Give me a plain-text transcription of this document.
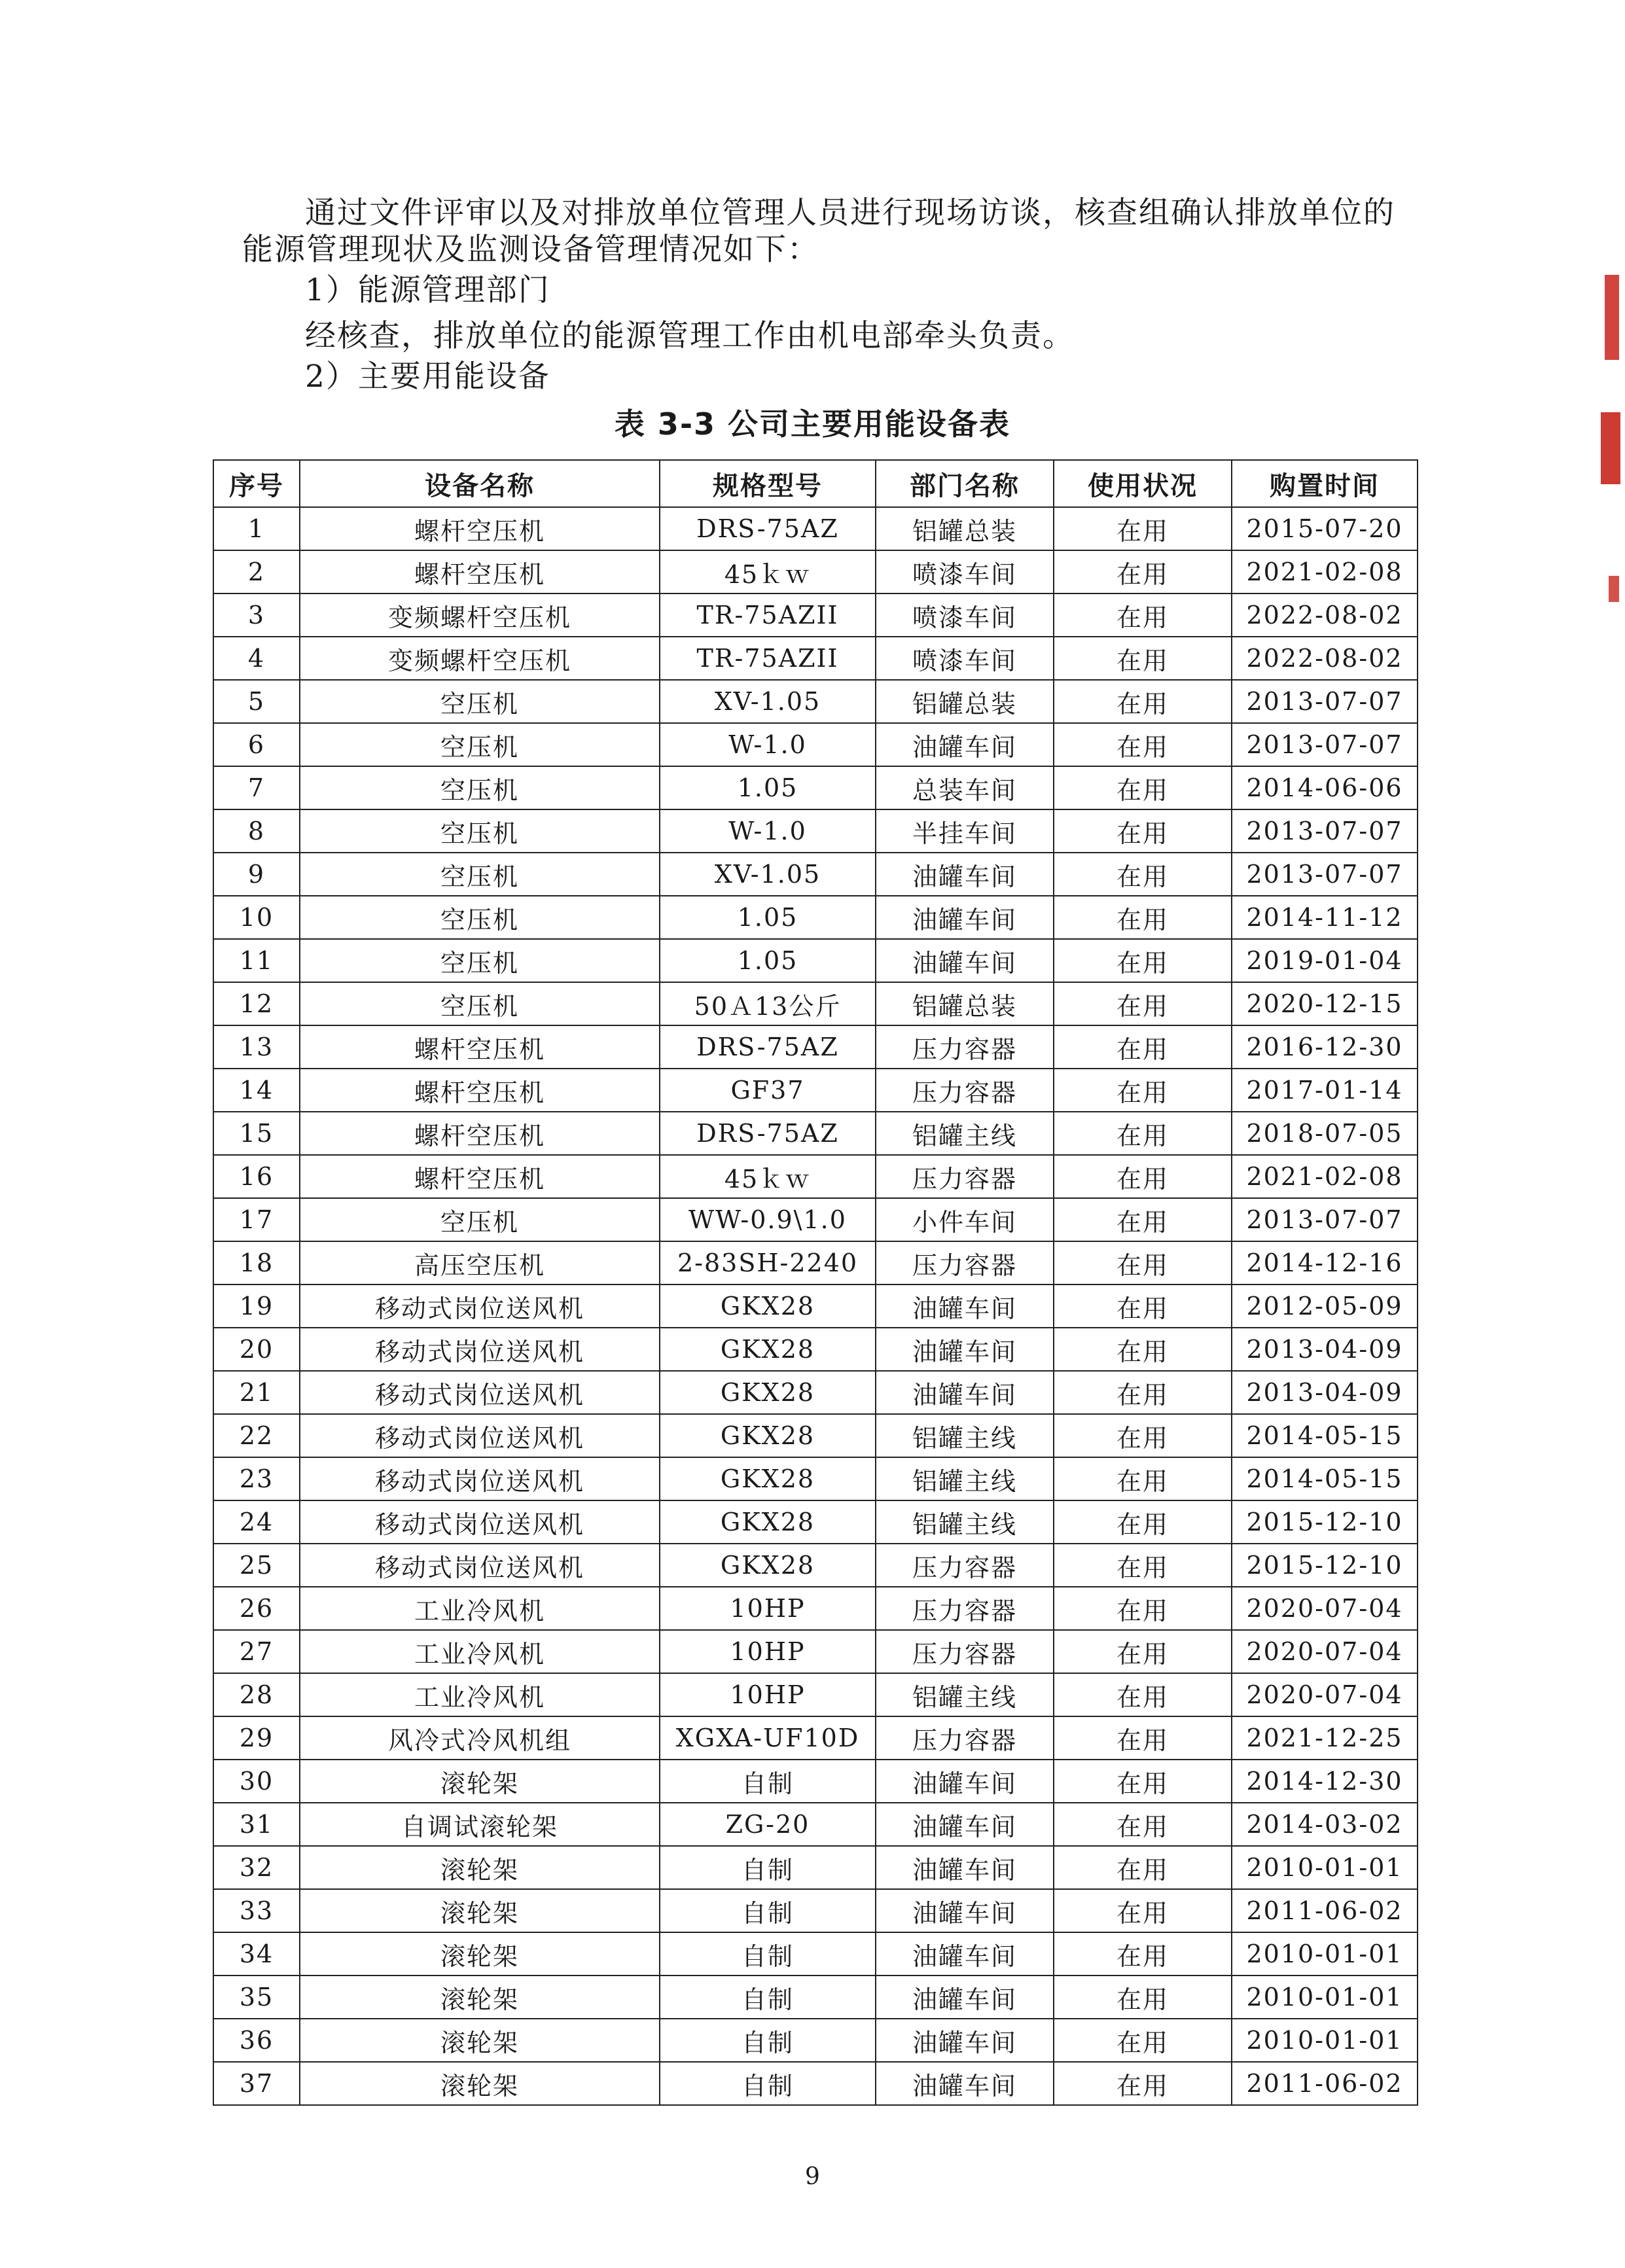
通过文件评审以及对排放单位管理人员进行现场访谈，核查组确认排放单位的
能源管理现状及监测设备管理情况如下：
1）能源管理部门
经核查，排放单位的能源管理工作由机电部牵头负责。
2）主要用能设备
表 3-3 公司主要用能设备表
序号	设备名称	规格型号	部门名称	使用状况	购置时间
1	螺杆空压机	DRS-75AZ	铝罐总装	在用	2015-07-20
2	螺杆空压机	45ｋｗ	喷漆车间	在用	2021-02-08
3	变频螺杆空压机	TR-75AZII	喷漆车间	在用	2022-08-02
4	变频螺杆空压机	TR-75AZII	喷漆车间	在用	2022-08-02
5	空压机	XV-1.05	铝罐总装	在用	2013-07-07
6	空压机	W-1.0	油罐车间	在用	2013-07-07
7	空压机	1.05	总装车间	在用	2014-06-06
8	空压机	W-1.0	半挂车间	在用	2013-07-07
9	空压机	XV-1.05	油罐车间	在用	2013-07-07
10	空压机	1.05	油罐车间	在用	2014-11-12
11	空压机	1.05	油罐车间	在用	2019-01-04
12	空压机	50Ａ13公斤	铝罐总装	在用	2020-12-15
13	螺杆空压机	DRS-75AZ	压力容器	在用	2016-12-30
14	螺杆空压机	GF37	压力容器	在用	2017-01-14
15	螺杆空压机	DRS-75AZ	铝罐主线	在用	2018-07-05
16	螺杆空压机	45ｋｗ	压力容器	在用	2021-02-08
17	空压机	WW-0.9\1.0	小件车间	在用	2013-07-07
18	高压空压机	2-83SH-2240	压力容器	在用	2014-12-16
19	移动式岗位送风机	GKX28	油罐车间	在用	2012-05-09
20	移动式岗位送风机	GKX28	油罐车间	在用	2013-04-09
21	移动式岗位送风机	GKX28	油罐车间	在用	2013-04-09
22	移动式岗位送风机	GKX28	铝罐主线	在用	2014-05-15
23	移动式岗位送风机	GKX28	铝罐主线	在用	2014-05-15
24	移动式岗位送风机	GKX28	铝罐主线	在用	2015-12-10
25	移动式岗位送风机	GKX28	压力容器	在用	2015-12-10
26	工业冷风机	10HP	压力容器	在用	2020-07-04
27	工业冷风机	10HP	压力容器	在用	2020-07-04
28	工业冷风机	10HP	铝罐主线	在用	2020-07-04
29	风冷式冷风机组	XGXA-UF10D	压力容器	在用	2021-12-25
30	滚轮架	自制	油罐车间	在用	2014-12-30
31	自调试滚轮架	ZG-20	油罐车间	在用	2014-03-02
32	滚轮架	自制	油罐车间	在用	2010-01-01
33	滚轮架	自制	油罐车间	在用	2011-06-02
34	滚轮架	自制	油罐车间	在用	2010-01-01
35	滚轮架	自制	油罐车间	在用	2010-01-01
36	滚轮架	自制	油罐车间	在用	2010-01-01
37	滚轮架	自制	油罐车间	在用	2011-06-02
9
